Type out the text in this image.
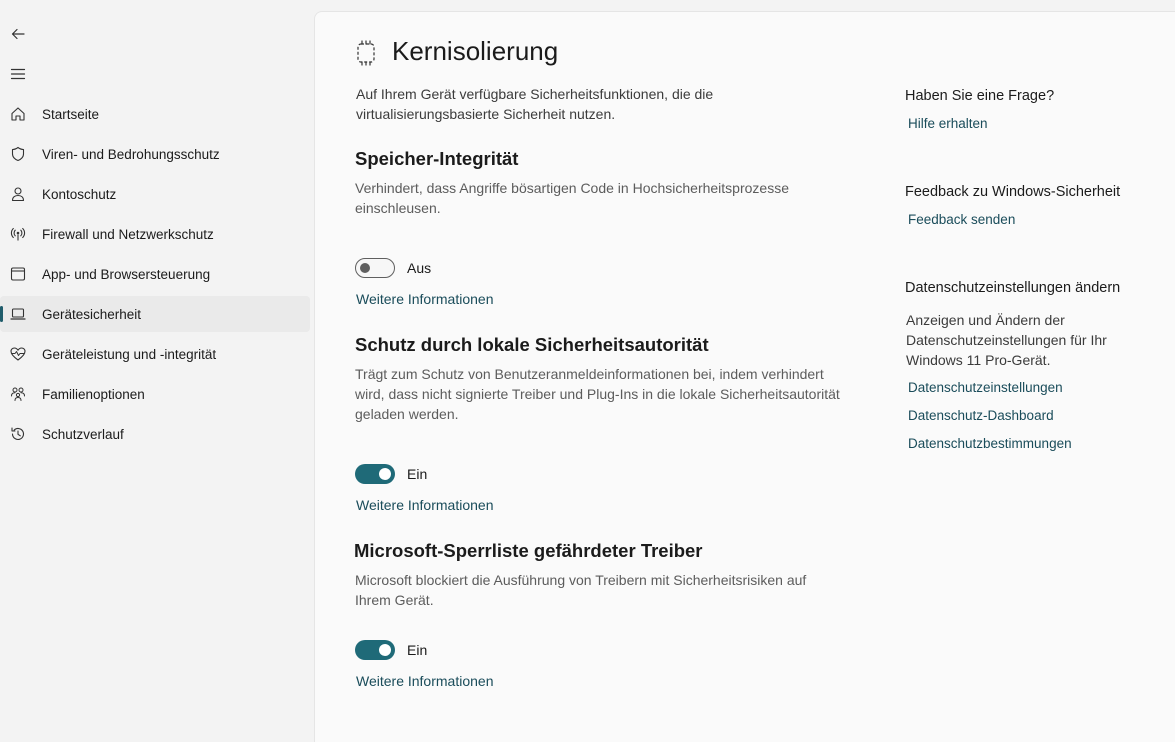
Startseite
Viren- und Bedrohungsschutz
Kontoschutz
Firewall und Netzwerkschutz
App- und Browsersteuerung
Gerätesicherheit
Geräteleistung und -integrität
Familienoptionen
Schutzverlauf
Kernisolierung
Auf Ihrem Gerät verfügbare Sicherheitsfunktionen, die die virtualisierungsbasierte Sicherheit nutzen.
Speicher-Integrität
Verhindert, dass Angriffe bösartigen Code in Hochsicherheitsprozesse einschleusen.
Aus
Weitere Informationen
Schutz durch lokale Sicherheitsautorität
Trägt zum Schutz von Benutzeranmeldeinformationen bei, indem verhindert wird, dass nicht signierte Treiber und Plug-Ins in die lokale Sicherheitsautorität geladen werden.
Ein
Weitere Informationen
Microsoft-Sperrliste gefährdeter Treiber
Microsoft blockiert die Ausführung von Treibern mit Sicherheitsrisiken auf Ihrem Gerät.
Ein
Weitere Informationen
Haben Sie eine Frage?
Hilfe erhalten
Feedback zu Windows-Sicherheit
Feedback senden
Datenschutzeinstellungen ändern
Anzeigen und Ändern der Datenschutzeinstellungen für Ihr Windows 11 Pro-Gerät.
Datenschutzeinstellungen
Datenschutz-Dashboard
Datenschutzbestimmungen
